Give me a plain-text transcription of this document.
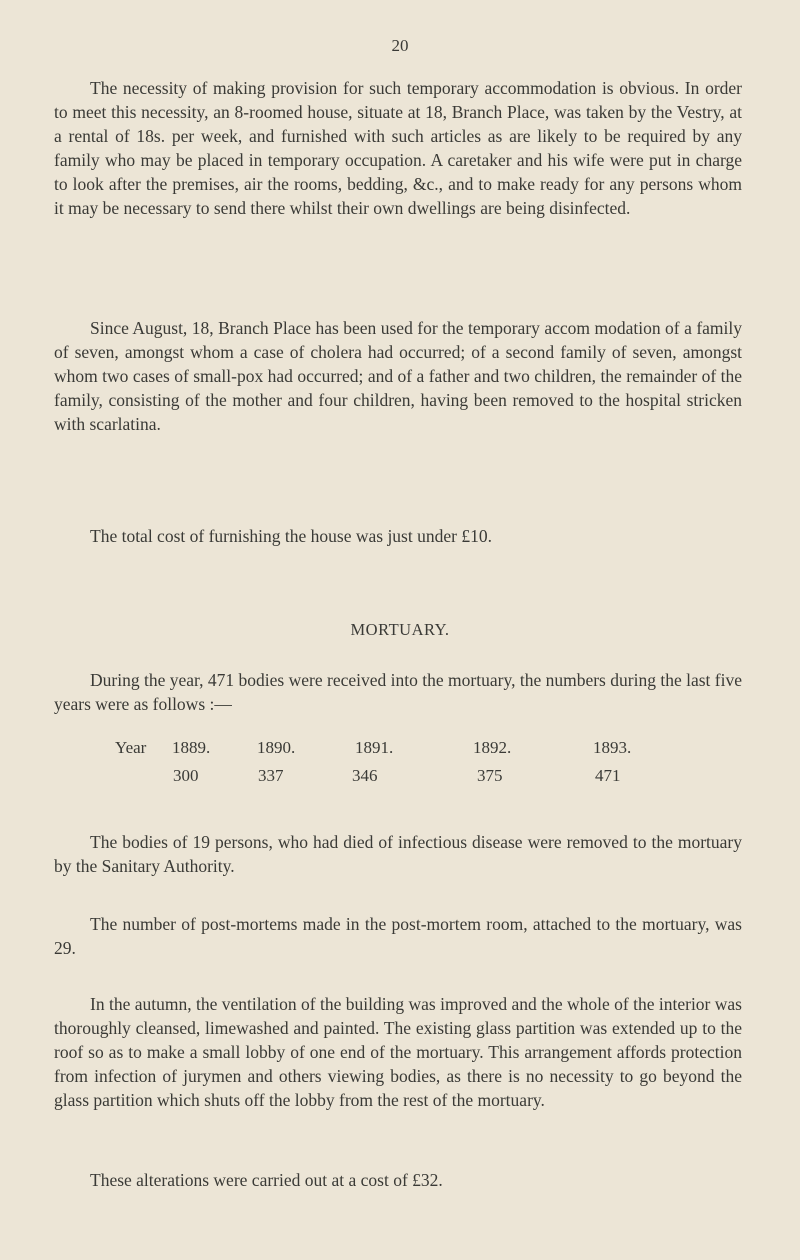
20

The necessity of making provision for such temporary accommodation is obvious. In order to meet this necessity, an 8-roomed house, situate at 18, Branch Place, was taken by the Vestry, at a rental of 18s. per week, and furnished with such articles as are likely to be required by any family who may be placed in temporary occupation. A caretaker and his wife were put in charge to look after the premises, air the rooms, bedding, &c., and to make ready for any persons whom it may be necessary to send there whilst their own dwellings are being disinfected.

Since August, 18, Branch Place has been used for the temporary accom modation of a family of seven, amongst whom a case of cholera had occurred; of a second family of seven, amongst whom two cases of small-pox had occurred; and of a father and two children, the remainder of the family, consisting of the mother and four children, having been removed to the hospital stricken with scarlatina.

The total cost of furnishing the house was just under £10.

MORTUARY.

During the year, 471 bodies were received into the mortuary, the numbers during the last five years were as follows :—

Year 1889.	1890.	1891.	1892.	1893.
300	337	346	375	471

The bodies of 19 persons, who had died of infectious disease were removed to the mortuary by the Sanitary Authority.

The number of post-mortems made in the post-mortem room, attached to the mortuary, was 29.

In the autumn, the ventilation of the building was improved and the whole of the interior was thoroughly cleansed, limewashed and painted. The existing glass partition was extended up to the roof so as to make a small lobby of one end of the mortuary. This arrangement affords protection from infection of jurymen and others viewing bodies, as there is no necessity to go beyond the glass partition which shuts off the lobby from the rest of the mortuary.

These alterations were carried out at a cost of £32.
